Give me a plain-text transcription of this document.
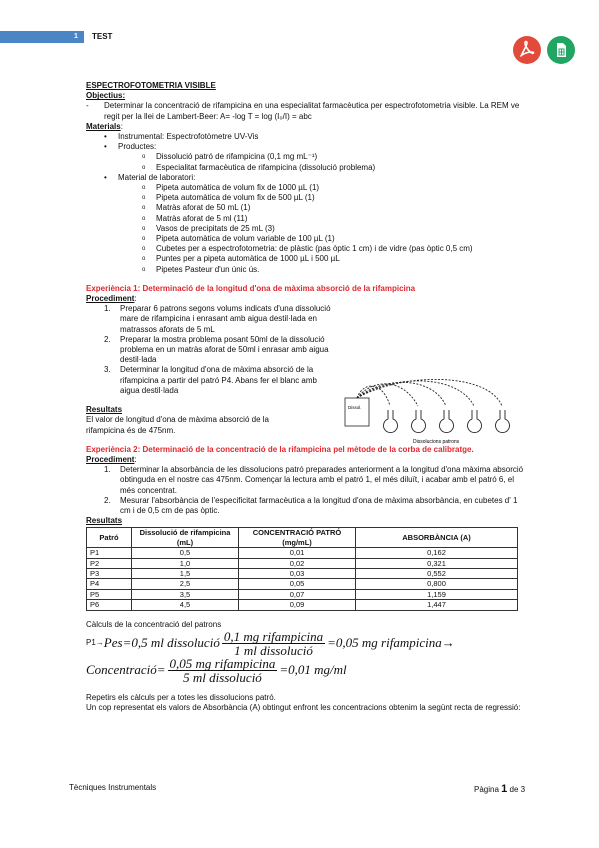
1 TEST
ESPECTROFOTOMETRIA VISIBLE
Objectius:
-	Determinar la concentració de rifampicina en una especialitat farmacèutica per espectrofotometria visible. La REM ve regit per la llei de Lambert-Beer: A= -log T = log (I₀/I) = abc
Materials:
•	Instrumental: Espectrofotòmetre UV-Vis
•	Productes:
o	Dissolució patró de rifampicina (0,1 mg mL⁻¹)
o	Especialitat farmacèutica de rifampicina (dissolució problema)
•	Material de laboratori:
o	Pipeta automàtica de volum fix de 1000 µL (1)
o	Pipeta automàtica de volum fix de 500 µL (1)
o	Matràs aforat de 50 mL (1)
o	Matràs aforat de 5 ml (11)
o	Vasos de precipitats de 25 mL (3)
o	Pipeta automàtica de volum variable de 100 µL (1)
o	Cubetes per a espectrofotometria: de plàstic (pas òptic 1 cm) i de vidre (pas òptic 0,5 cm)
o	Puntes per a pipeta automàtica de 1000 µL i 500 µL
o	Pipetes Pasteur d'un únic ús.
Experiència 1: Determinació de la longitud d'ona de màxima absorció de la rifampicina
Procediment:
1.	Preparar 6 patrons segons volums indicats d'una dissolució mare de rifampicina i enrasant amb aigua destil·lada en matrassos aforats de 5 mL
2.	Preparar la mostra problema posant 50ml de la dissolució problema en un matràs aforat de 50ml i enrasar amb aigua destil·lada
3.	Determinar la longitud d'ona de màxima absorció de la rifampicina a partir del patró P4. Abans fer el blanc amb aigua destil·lada
Resultats
El valor de longitud d'ona de màxima absorció de la rifampicina és de 475nm.
Experiència 2: Determinació de la concentració de la rifampicina pel mètode de la corba de calibratge.
Procediment:
1.	Determinar la absorbància de les dissolucions patró preparades anteriorment a la longitud d'ona màxima absorció obtinguda en el nostre cas 475nm. Començar la lectura amb el patró 1, el més diluït, i acabar amb el patró 6, el més concentrat.
2.	Mesurar l'absorbància de l'especificitat farmacèutica a la longitud d'ona de màxima absorbància, en cubetes d' 1 cm i de 0,5 cm de pas òptic.
Resultats
Patró	Dissolució de rifampicina (mL)	CONCENTRACIÓ PATRÓ (mg/mL)	ABSORBÀNCIA (A)
P1	0,5	0,01	0,162
P2	1,0	0,02	0,321
P3	1,5	0,03	0,552
P4	2,5	0,05	0,800
P5	3,5	0,07	1,159
P6	4,5	0,09	1,447
Càlculs de la concentració del patrons
P1→ Pes=0,5 ml dissolució $\frac{\text{0,1 mg rifampicina}}{\text{1 ml dissolució}} =0,05$ mg rifampicina→
Concentració= $\frac{\text{0,05 mg rifampicina}}{\text{5 ml dissolució}} =0,01$ mg/ml
Repetirs els càlculs per a totes les dissolucions patró.
Un cop representat els valors de Absorbància (A) obtingut enfront les concentracions obtenim la segünt recta de regressió:
Dissol.
Dissolucions patrons
Tècniques Instrumentals	Pàgina 1 de 3
